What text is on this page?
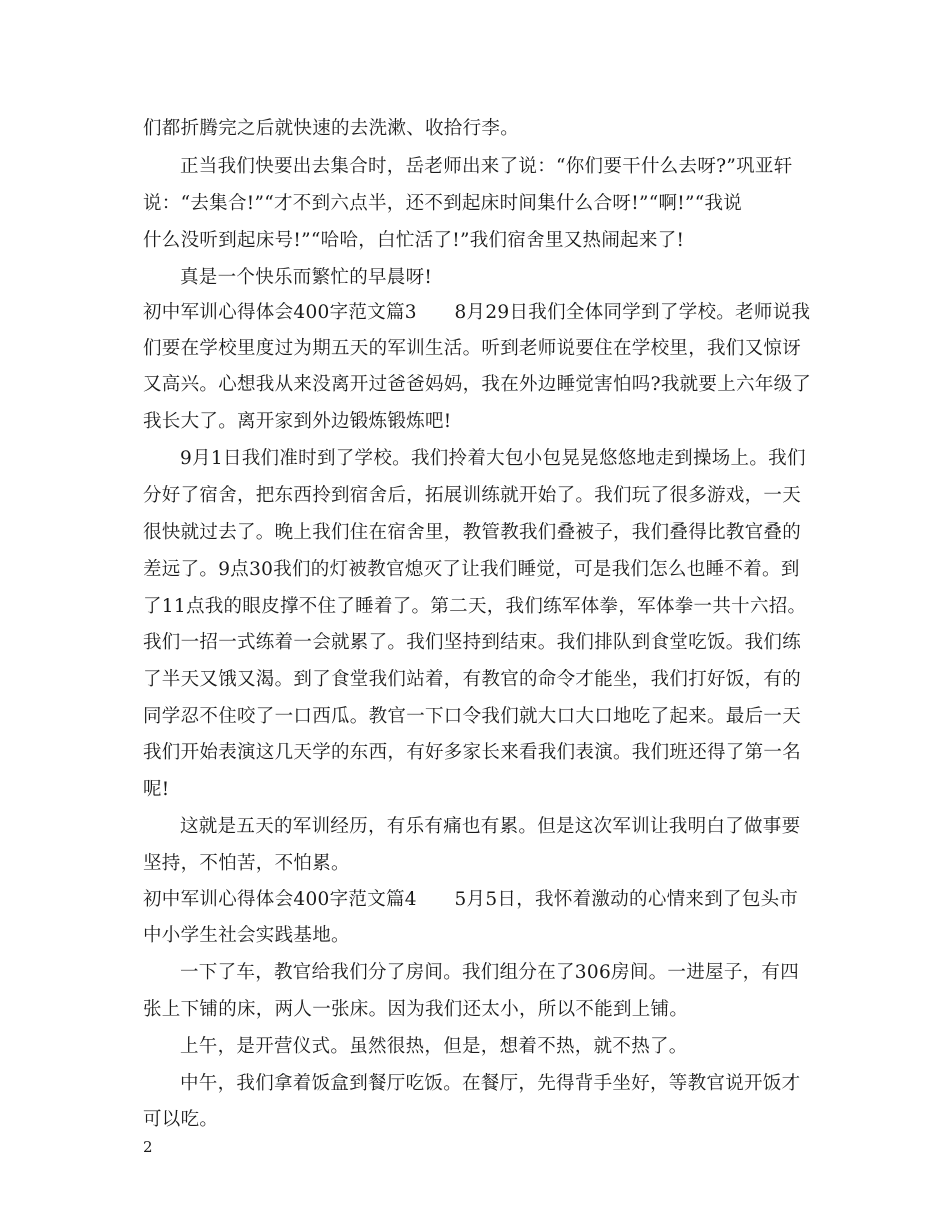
们都折腾完之后就快速的去洗漱、收拾行李。
正当我们快要出去集合时，岳老师出来了说：“你们要干什么去呀?”巩亚轩
说：“去集合!”“才不到六点半，还不到起床时间集什么合呀!”“啊!”“我说
什么没听到起床号!”“哈哈，白忙活了!”我们宿舍里又热闹起来了!
真是一个快乐而繁忙的早晨呀!
初中军训心得体会400字范文篇3　　8月29日我们全体同学到了学校。老师说我
们要在学校里度过为期五天的军训生活。听到老师说要住在学校里，我们又惊讶
又高兴。心想我从来没离开过爸爸妈妈，我在外边睡觉害怕吗?我就要上六年级了
我长大了。离开家到外边锻炼锻炼吧!
9月1日我们准时到了学校。我们拎着大包小包晃晃悠悠地走到操场上。我们
分好了宿舍，把东西拎到宿舍后，拓展训练就开始了。我们玩了很多游戏，一天
很快就过去了。晚上我们住在宿舍里，教管教我们叠被子，我们叠得比教官叠的
差远了。9点30我们的灯被教官熄灭了让我们睡觉，可是我们怎么也睡不着。到
了11点我的眼皮撑不住了睡着了。第二天，我们练军体拳，军体拳一共十六招。
我们一招一式练着一会就累了。我们坚持到结束。我们排队到食堂吃饭。我们练
了半天又饿又渴。到了食堂我们站着，有教官的命令才能坐，我们打好饭，有的
同学忍不住咬了一口西瓜。教官一下口令我们就大口大口地吃了起来。最后一天
我们开始表演这几天学的东西，有好多家长来看我们表演。我们班还得了第一名
呢!
这就是五天的军训经历，有乐有痛也有累。但是这次军训让我明白了做事要
坚持，不怕苦，不怕累。
初中军训心得体会400字范文篇4　　5月5日，我怀着激动的心情来到了包头市
中小学生社会实践基地。
一下了车，教官给我们分了房间。我们组分在了306房间。一进屋子，有四
张上下铺的床，两人一张床。因为我们还太小，所以不能到上铺。
上午，是开营仪式。虽然很热，但是，想着不热，就不热了。
中午，我们拿着饭盒到餐厅吃饭。在餐厅，先得背手坐好，等教官说开饭才
可以吃。
2
